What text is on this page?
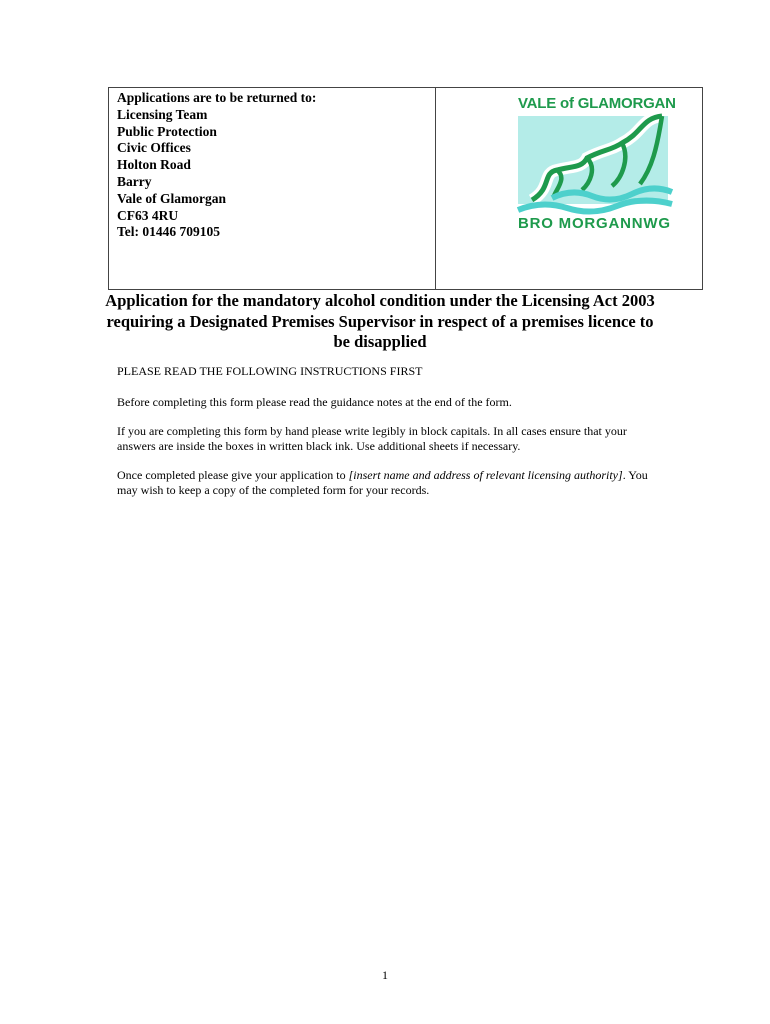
Applications are to be returned to:
Licensing Team
Public Protection
Civic Offices
Holton Road
Barry
Vale of Glamorgan
CF63 4RU
Tel: 01446 709105
VALE of GLAMORGAN
BRO MORGANNWG
Application for the mandatory alcohol condition under the Licensing Act 2003 requiring a Designated Premises Supervisor in respect of a premises licence to be disapplied
PLEASE READ THE FOLLOWING INSTRUCTIONS FIRST
Before completing this form please read the guidance notes at the end of the form.
If you are completing this form by hand please write legibly in block capitals. In all cases ensure that your answers are inside the boxes in written black ink. Use additional sheets if necessary.
Once completed please give your application to [insert name and address of relevant licensing authority]. You may wish to keep a copy of the completed form for your records.
1
